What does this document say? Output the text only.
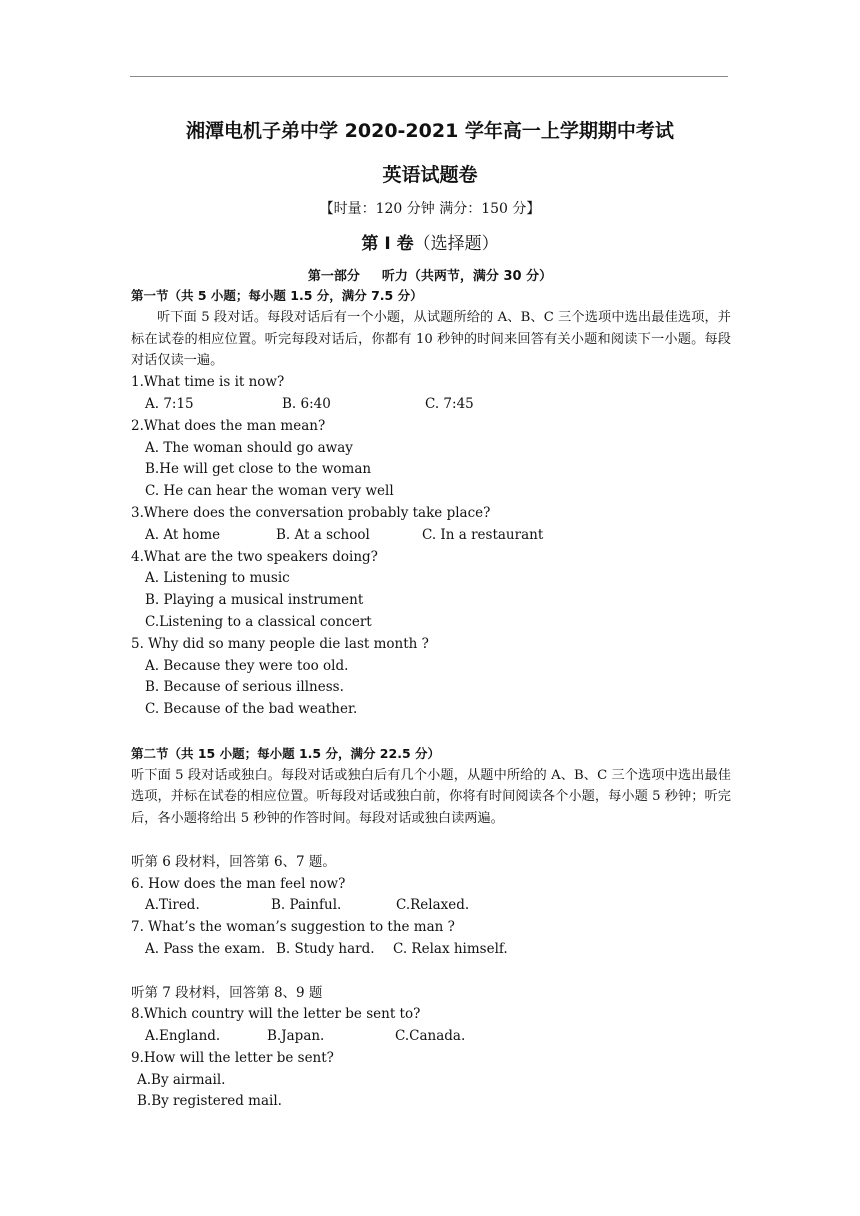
湘潭电机子弟中学 2020-2021 学年高一上学期期中考试
英语试题卷
【时量：120 分钟 满分：150 分】
第 I 卷（选择题）
第一部分 听力（共两节，满分 30 分）
第一节（共 5 小题；每小题 1.5 分，满分 7.5 分）
听下面 5 段对话。每段对话后有一个小题，从试题所给的 A、B、C 三个选项中选出最佳选项，并标在试卷的相应位置。听完每段对话后，你都有 10 秒钟的时间来回答有关小题和阅读下一小题。每段对话仅读一遍。
1.What time is it now?
A. 7:15	B. 6:40	C. 7:45
2.What does the man mean?
A. The woman should go away
B.He will get close to the woman
C. He can hear the woman very well
3.Where does the conversation probably take place?
A. At home	B. At a school	C. In a restaurant
4.What are the two speakers doing?
A. Listening to music
B. Playing a musical instrument
C.Listening to a classical concert
5. Why did so many people die last month ?
A. Because they were too old.
B. Because of serious illness.
C. Because of the bad weather.
第二节（共 15 小题；每小题 1.5 分，满分 22.5 分）
听下面 5 段对话或独白。每段对话或独白后有几个小题，从题中所给的 A、B、C 三个选项中选出最佳选项，并标在试卷的相应位置。听每段对话或独白前，你将有时间阅读各个小题，每小题 5 秒钟；听完后，各小题将给出 5 秒钟的作答时间。每段对话或独白读两遍。
听第 6 段材料，回答第 6、7 题。
6. How does the man feel now?
A.Tired.	B. Painful.	C.Relaxed.
7. What’s the woman’s suggestion to the man ?
A. Pass the exam. B. Study hard. C. Relax himself.
听第 7 段材料，回答第 8、9 题
8.Which country will the letter be sent to?
A.England.	B.Japan.	C.Canada.
9.How will the letter be sent?
A.By airmail.
B.By registered mail.
